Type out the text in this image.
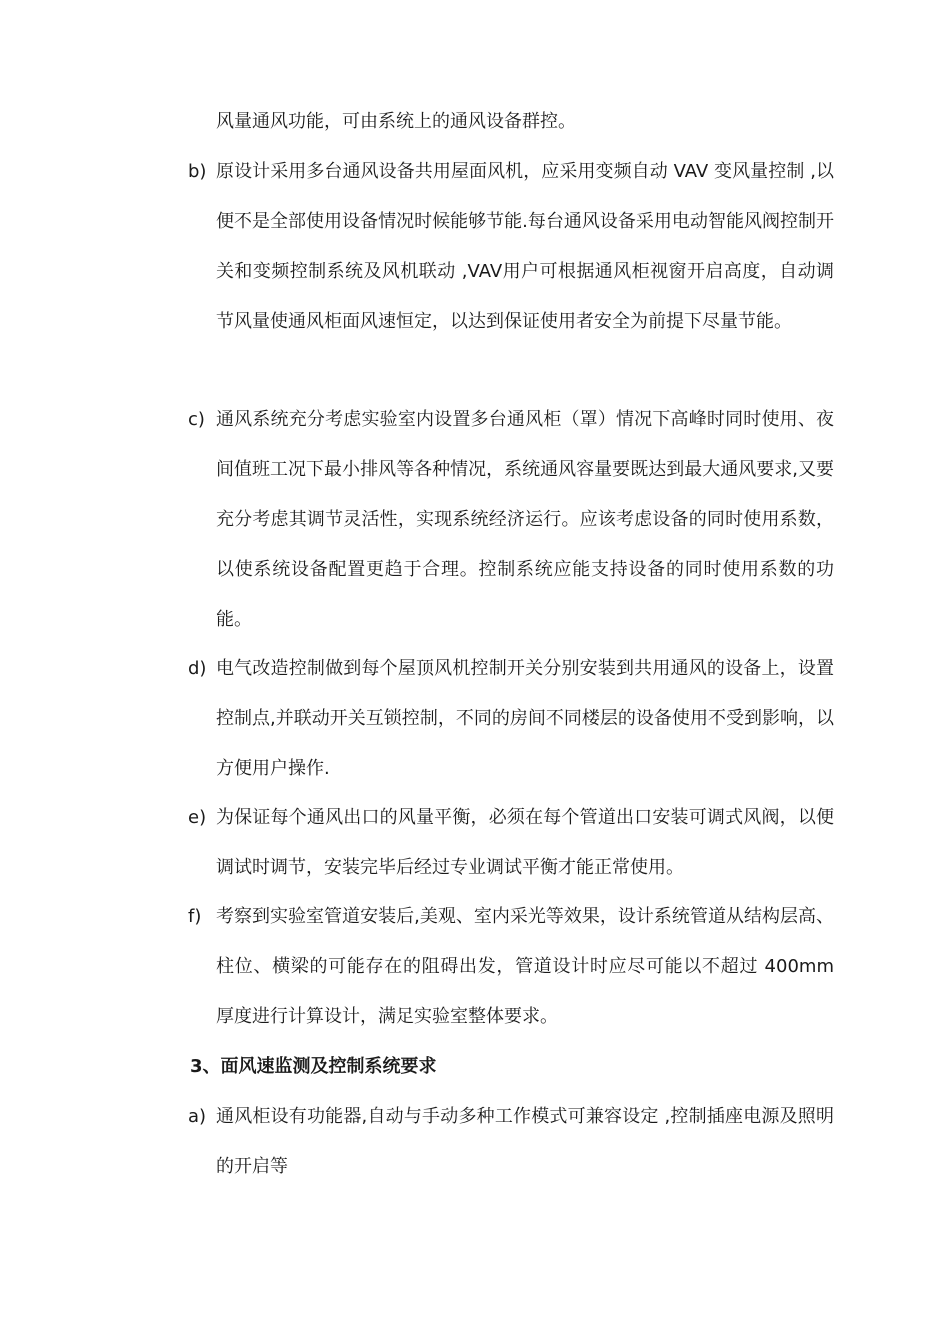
风量通风功能，可由系统上的通风设备群控。
b) 原设计采用多台通风设备共用屋面风机，应采用变频自动 VAV 变风量控制 ,以便不是全部使用设备情况时候能够节能.每台通风设备采用电动智能风阀控制开关和变频控制系统及风机联动 ,VAV用户可根据通风柜视窗开启高度，自动调节风量使通风柜面风速恒定，以达到保证使用者安全为前提下尽量节能。
c) 通风系统充分考虑实验室内设置多台通风柜（罩）情况下高峰时同时使用、夜间值班工况下最小排风等各种情况，系统通风容量要既达到最大通风要求,又要充分考虑其调节灵活性，实现系统经济运行。应该考虑设备的同时使用系数，以使系统设备配置更趋于合理。控制系统应能支持设备的同时使用系数的功能。
d) 电气改造控制做到每个屋顶风机控制开关分别安装到共用通风的设备上，设置控制点,并联动开关互锁控制，不同的房间不同楼层的设备使用不受到影响，以方便用户操作.
e) 为保证每个通风出口的风量平衡，必须在每个管道出口安装可调式风阀，以便调试时调节，安装完毕后经过专业调试平衡才能正常使用。
f) 考察到实验室管道安装后,美观、室内采光等效果，设计系统管道从结构层高、柱位、横梁的可能存在的阻碍出发，管道设计时应尽可能以不超过 400mm 厚度进行计算设计，满足实验室整体要求。
3、面风速监测及控制系统要求
a) 通风柜设有功能器,自动与手动多种工作模式可兼容设定 ,控制插座电源及照明的开启等
